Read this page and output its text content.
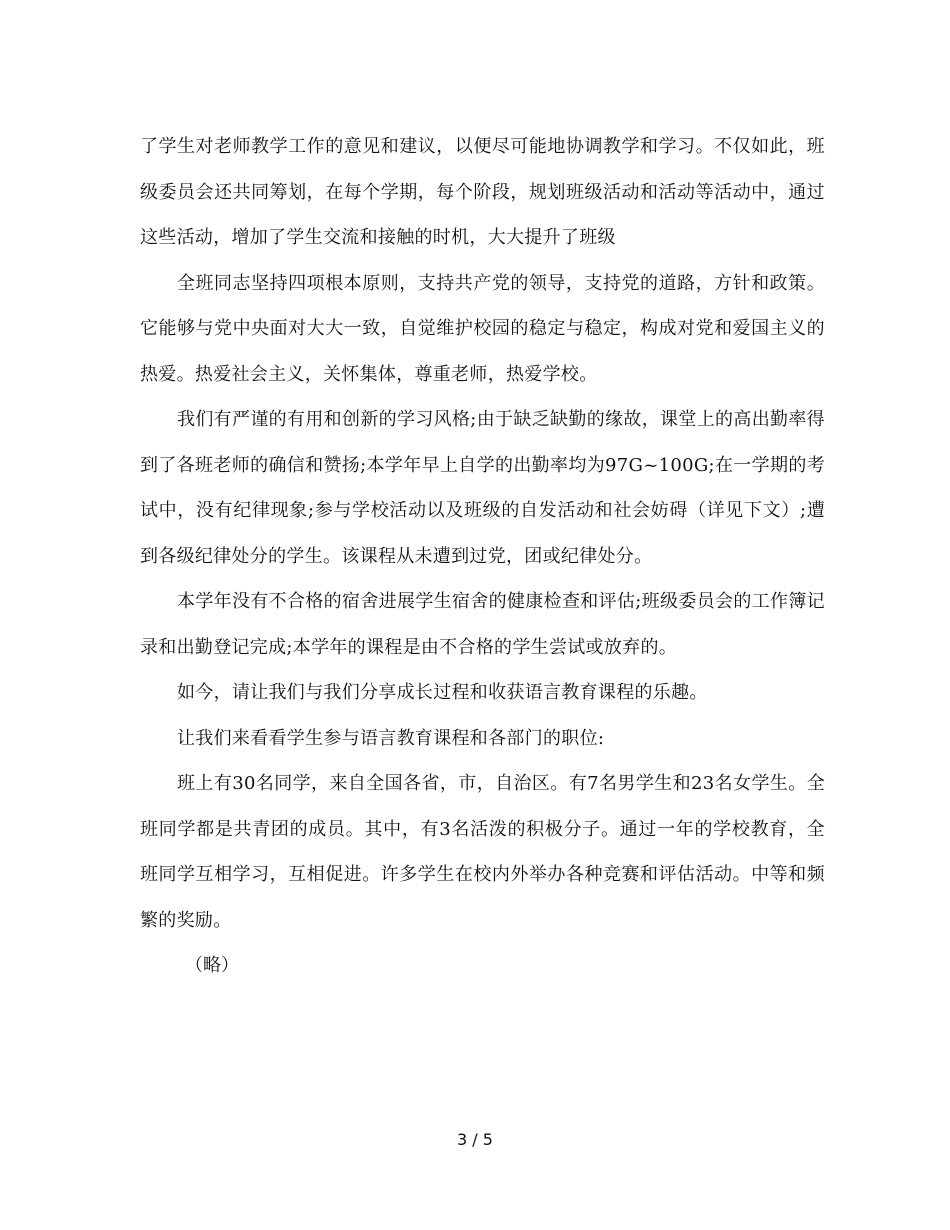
了学生对老师教学工作的意见和建议，以便尽可能地协调教学和学习。不仅如此，班级委员会还共同筹划，在每个学期，每个阶段，规划班级活动和活动等活动中，通过这些活动，增加了学生交流和接触的时机，大大提升了班级

全班同志坚持四项根本原则，支持共产党的领导，支持党的道路，方针和政策。它能够与党中央面对大大一致，自觉维护校园的稳定与稳定，构成对党和爱国主义的热爱。热爱社会主义，关怀集体，尊重老师，热爱学校。

我们有严谨的有用和创新的学习风格;由于缺乏缺勤的缘故，课堂上的高出勤率得到了各班老师的确信和赞扬;本学年早上自学的出勤率均为97G~100G;在一学期的考试中，没有纪律现象;参与学校活动以及班级的自发活动和社会妨碍（详见下文）;遭到各级纪律处分的学生。该课程从未遭到过党，团或纪律处分。

本学年没有不合格的宿舍进展学生宿舍的健康检查和评估;班级委员会的工作簿记录和出勤登记完成;本学年的课程是由不合格的学生尝试或放弃的。

如今，请让我们与我们分享成长过程和收获语言教育课程的乐趣。

让我们来看看学生参与语言教育课程和各部门的职位:

班上有30名同学，来自全国各省，市，自治区。有7名男学生和23名女学生。全班同学都是共青团的成员。其中，有3名活泼的积极分子。通过一年的学校教育，全班同学互相学习，互相促进。许多学生在校内外举办各种竞赛和评估活动。中等和频繁的奖励。

（略）

3 / 5
